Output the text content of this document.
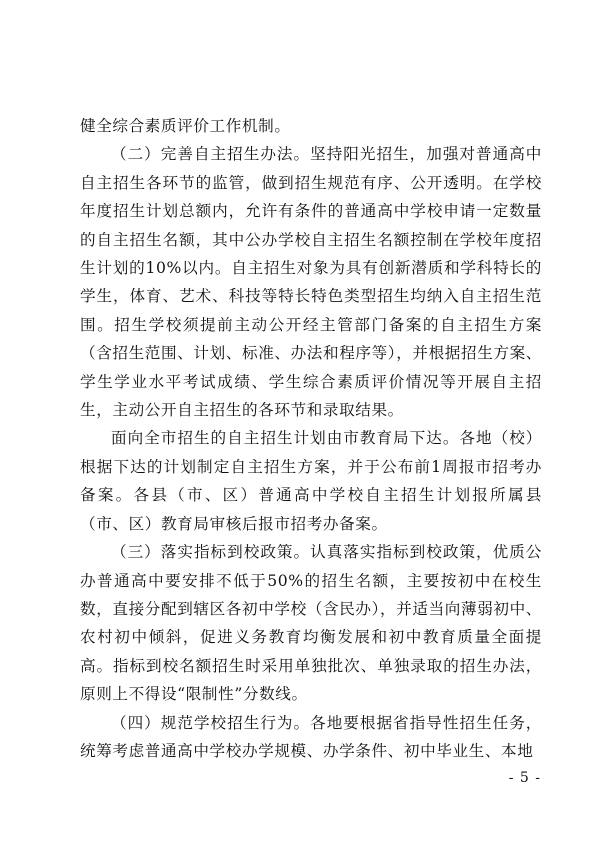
健全综合素质评价工作机制。

（二）完善自主招生办法。坚持阳光招生，加强对普通高中自主招生各环节的监管，做到招生规范有序、公开透明。在学校年度招生计划总额内，允许有条件的普通高中学校申请一定数量的自主招生名额，其中公办学校自主招生名额控制在学校年度招生计划的10%以内。自主招生对象为具有创新潜质和学科特长的学生，体育、艺术、科技等特长特色类型招生均纳入自主招生范围。招生学校须提前主动公开经主管部门备案的自主招生方案（含招生范围、计划、标准、办法和程序等），并根据招生方案、学生学业水平考试成绩、学生综合素质评价情况等开展自主招生，主动公开自主招生的各环节和录取结果。

面向全市招生的自主招生计划由市教育局下达。各地（校）根据下达的计划制定自主招生方案，并于公布前1周报市招考办备案。各县（市、区）普通高中学校自主招生计划报所属县（市、区）教育局审核后报市招考办备案。

（三）落实指标到校政策。认真落实指标到校政策，优质公办普通高中要安排不低于50%的招生名额，主要按初中在校生数，直接分配到辖区各初中学校（含民办），并适当向薄弱初中、农村初中倾斜，促进义务教育均衡发展和初中教育质量全面提高。指标到校名额招生时采用单独批次、单独录取的招生办法，原则上不得设“限制性”分数线。

（四）规范学校招生行为。各地要根据省指导性招生任务，统筹考虑普通高中学校办学规模、办学条件、初中毕业生、本地

- 5 -
